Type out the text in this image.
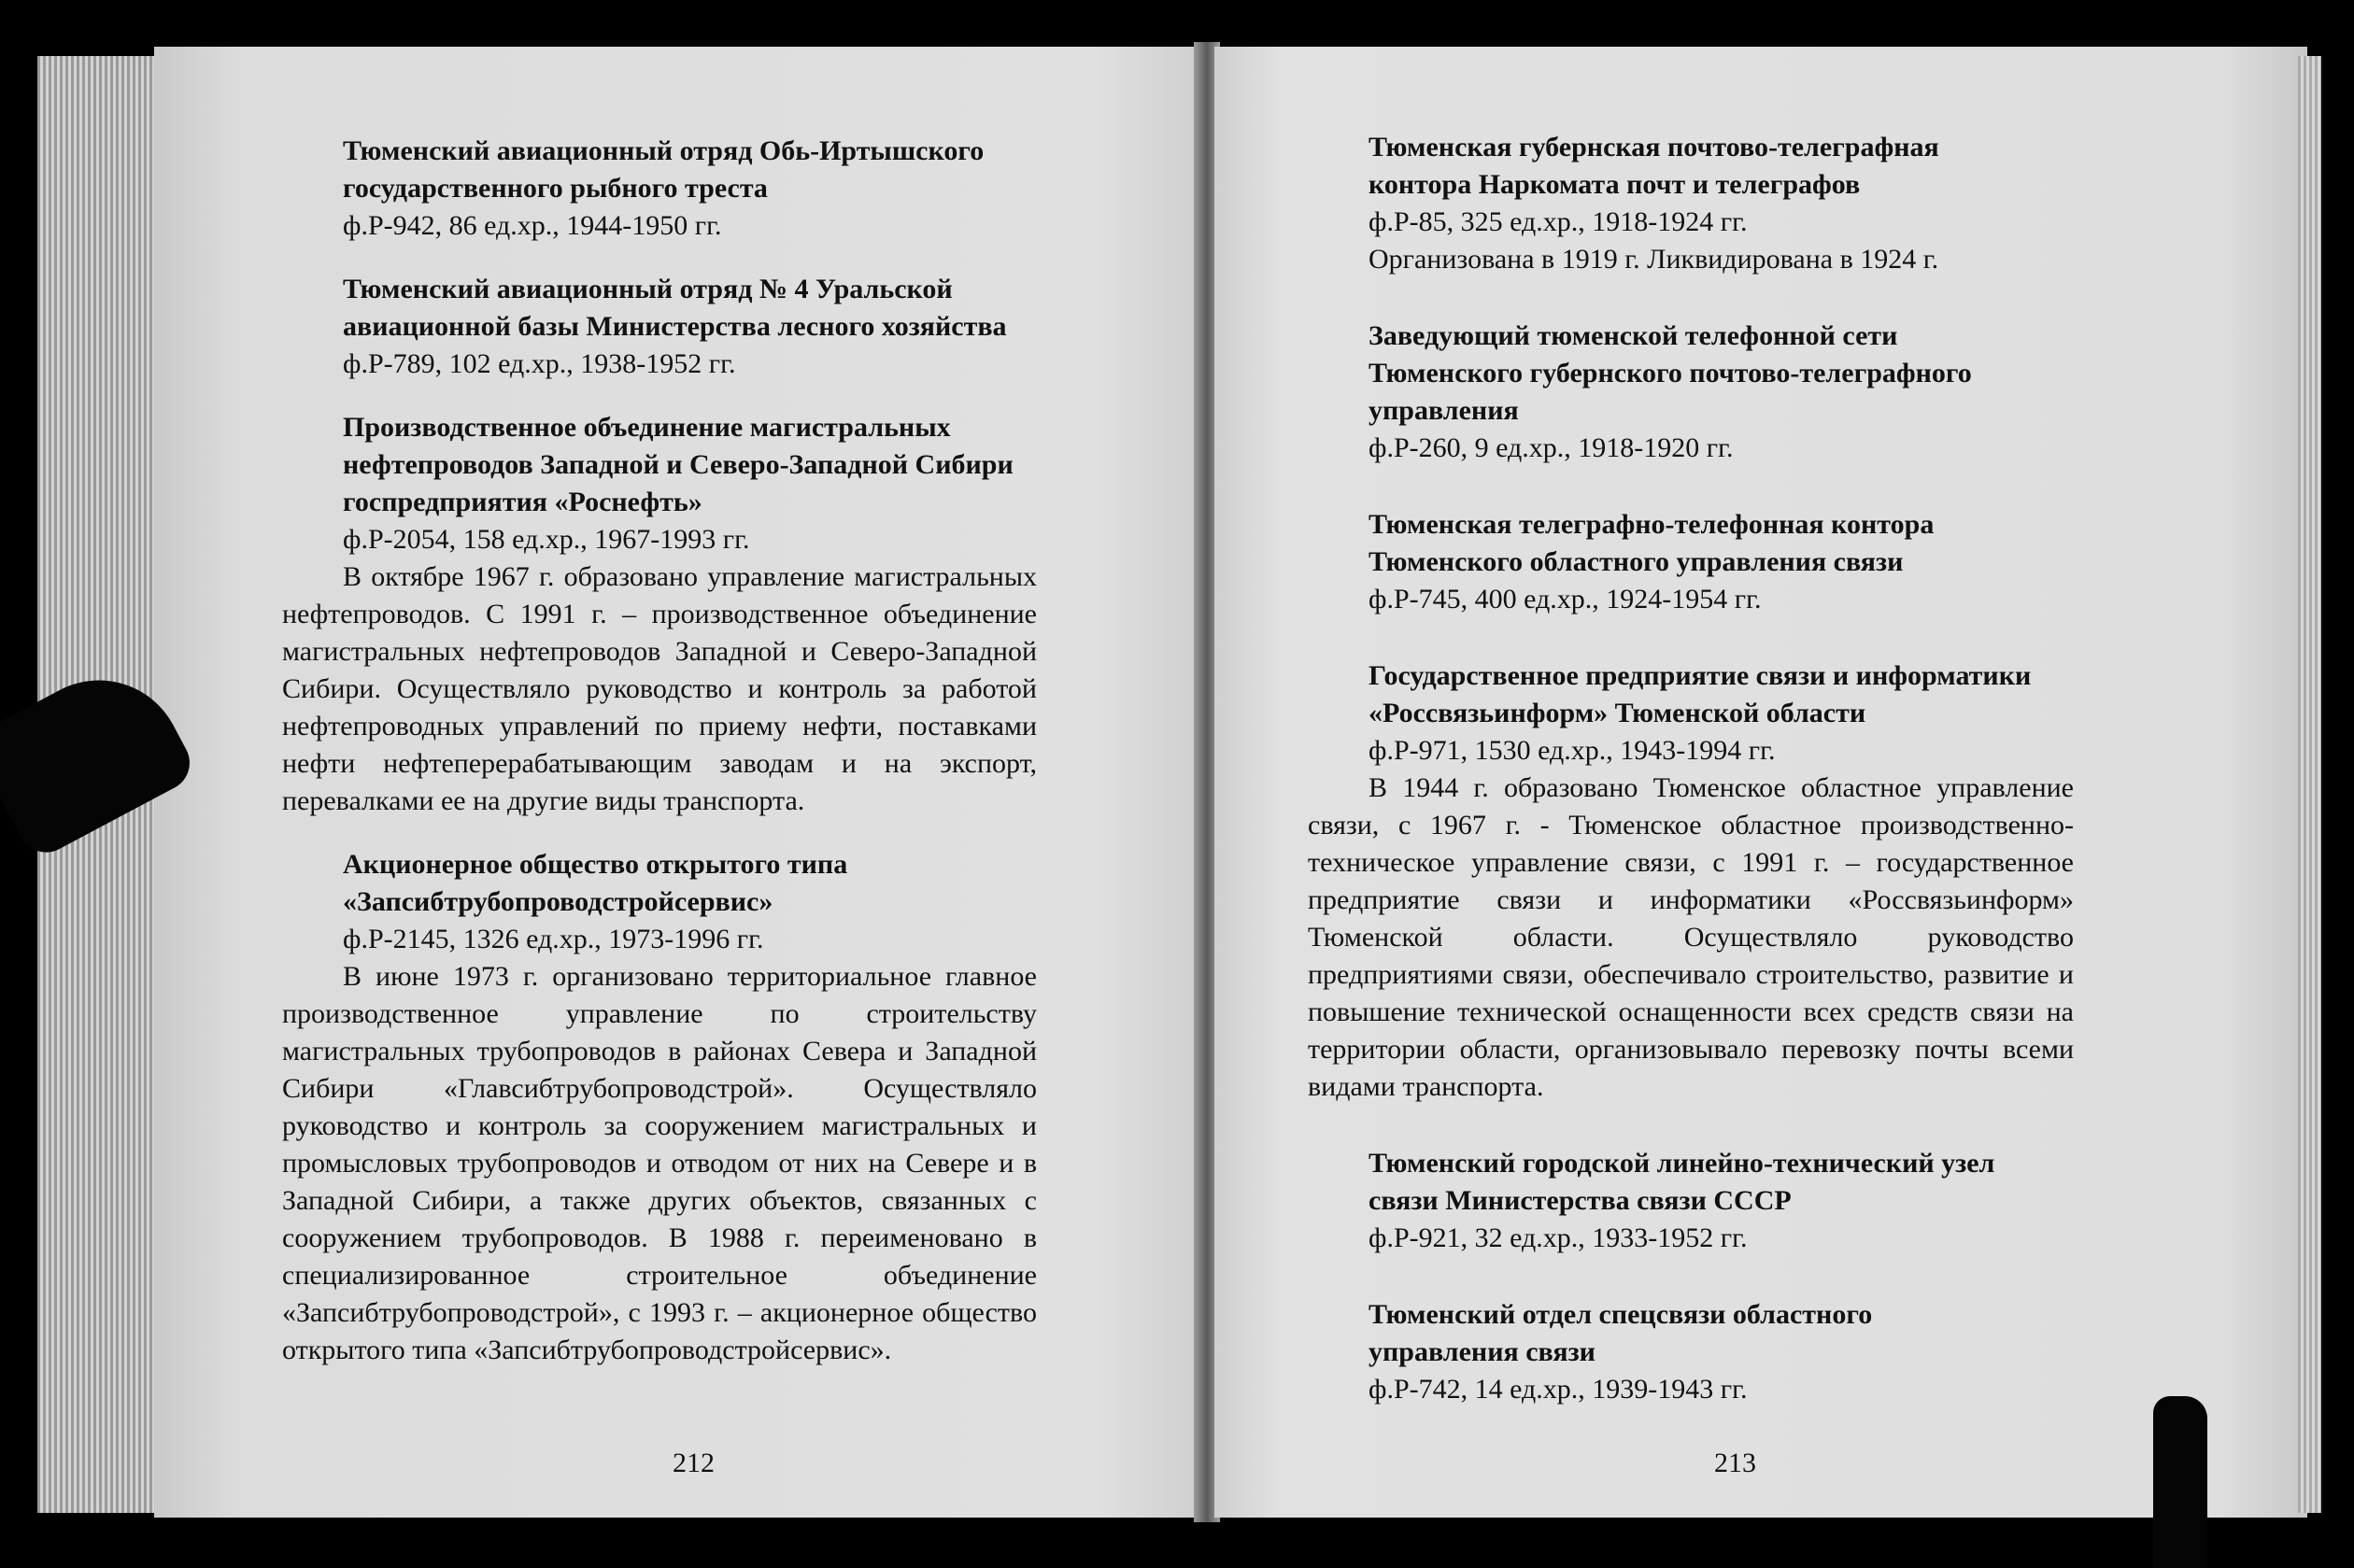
Тюменский авиационный отряд Обь-Иртышского
государственного рыбного треста
ф.Р-942, 86 ед.хр., 1944-1950 гг.
Тюменский авиационный отряд № 4 Уральской
авиационной базы Министерства лесного хозяйства
ф.Р-789, 102 ед.хр., 1938-1952 гг.
Производственное объединение магистральных
нефтепроводов Западной и Северо-Западной Сибири
госпредприятия «Роснефть»
ф.Р-2054, 158 ед.хр., 1967-1993 гг.
В октябре 1967 г. образовано управление магистральных нефтепроводов. С 1991 г. – производственное объединение магистральных нефтепроводов Западной и Северо-Западной Сибири. Осуществляло руководство и контроль за работой нефтепроводных управлений по приему нефти, поставками нефти нефтеперерабатывающим заводам и на экспорт, перевалками ее на другие виды транспорта.
Акционерное общество открытого типа
«Запсибтрубопроводстройсервис»
ф.Р-2145, 1326 ед.хр., 1973-1996 гг.
В июне 1973 г. организовано территориальное главное производственное управление по строительству магистральных трубопроводов в районах Севера и Западной Сибири «Главсибтрубопроводстрой». Осуществляло руководство и контроль за сооружением магистральных и промысловых трубопроводов и отводом от них на Севере и в Западной Сибири, а также других объектов, связанных с сооружением трубопроводов. В 1988 г. переименовано в специализированное строительное объединение «Запсибтрубопроводстрой», с 1993 г. – акционерное общество открытого типа «Запсибтрубопроводстройсервис».
212
Тюменская губернская почтово-телеграфная
контора Наркомата почт и телеграфов
ф.Р-85, 325 ед.хр., 1918-1924 гг.
Организована в 1919 г. Ликвидирована в 1924 г.
Заведующий тюменской телефонной сети
Тюменского губернского почтово-телеграфного
управления
ф.Р-260, 9 ед.хр., 1918-1920 гг.
Тюменская телеграфно-телефонная контора
Тюменского областного управления связи
ф.Р-745, 400 ед.хр., 1924-1954 гг.
Государственное предприятие связи и информатики
«Россвязьинформ» Тюменской области
ф.Р-971, 1530 ед.хр., 1943-1994 гг.
В 1944 г. образовано Тюменское областное управление связи, с 1967 г. - Тюменское областное производственно-техническое управление связи, с 1991 г. – государственное предприятие связи и информатики «Россвязьинформ» Тюменской области. Осуществляло руководство предприятиями связи, обеспечивало строительство, развитие и повышение технической оснащенности всех средств связи на территории области, организовывало перевозку почты всеми видами транспорта.
Тюменский городской линейно-технический узел
связи Министерства связи СССР
ф.Р-921, 32 ед.хр., 1933-1952 гг.
Тюменский отдел спецсвязи областного
управления связи
ф.Р-742, 14 ед.хр., 1939-1943 гг.
213
